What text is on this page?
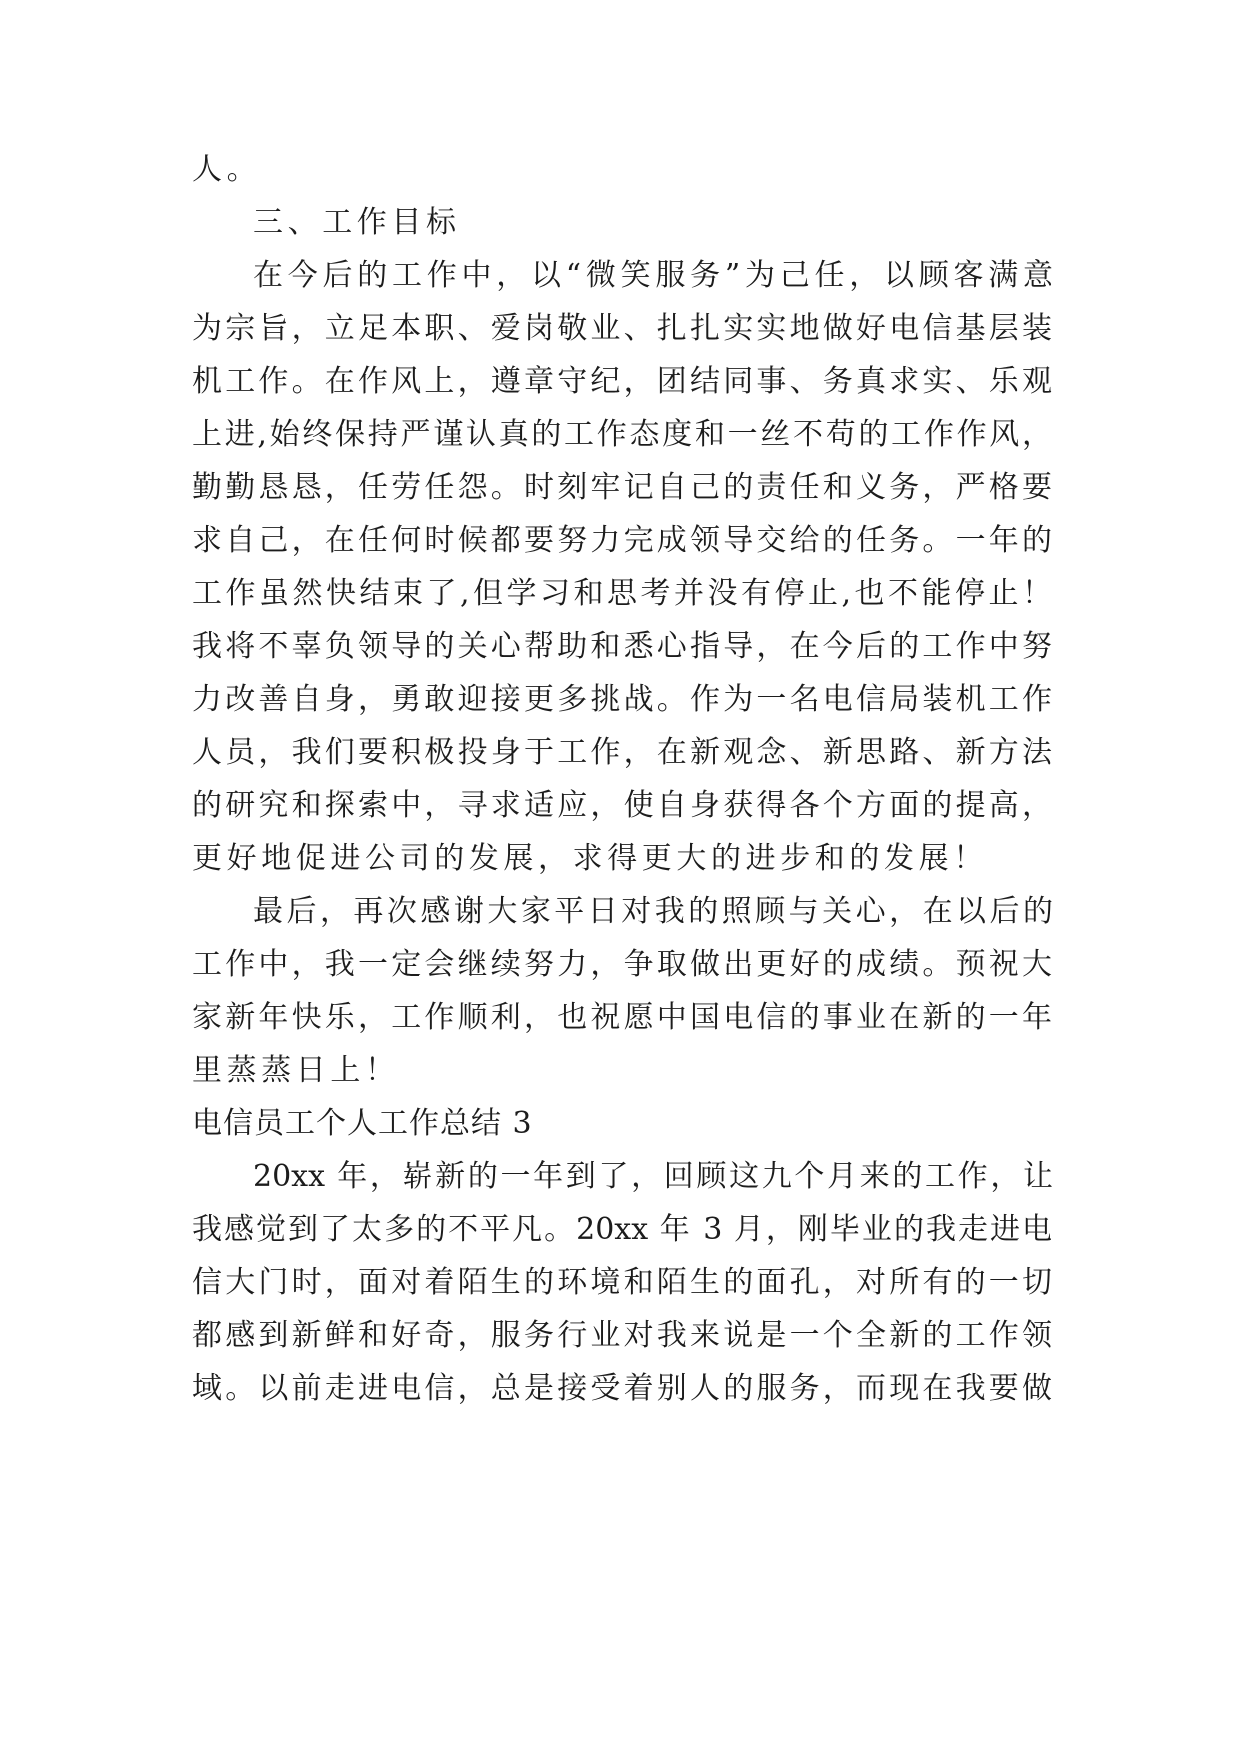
人。
三、工作目标
在今后的工作中，以“微笑服务”为己任，以顾客满意
为宗旨，立足本职、爱岗敬业、扎扎实实地做好电信基层装
机工作。在作风上，遵章守纪，团结同事、务真求实、乐观
上进,始终保持严谨认真的工作态度和一丝不苟的工作作风，
勤勤恳恳，任劳任怨。时刻牢记自己的责任和义务，严格要
求自己，在任何时候都要努力完成领导交给的任务。一年的
工作虽然快结束了,但学习和思考并没有停止,也不能停止！
我将不辜负领导的关心帮助和悉心指导，在今后的工作中努
力改善自身，勇敢迎接更多挑战。作为一名电信局装机工作
人员，我们要积极投身于工作，在新观念、新思路、新方法
的研究和探索中，寻求适应，使自身获得各个方面的提高，
更好地促进公司的发展，求得更大的进步和的发展！
最后，再次感谢大家平日对我的照顾与关心，在以后的
工作中，我一定会继续努力，争取做出更好的成绩。预祝大
家新年快乐，工作顺利，也祝愿中国电信的事业在新的一年
里蒸蒸日上！
电信员工个人工作总结 3
20xx 年，崭新的一年到了，回顾这九个月来的工作，让
我感觉到了太多的不平凡。20xx 年 3 月，刚毕业的我走进电
信大门时，面对着陌生的环境和陌生的面孔，对所有的一切
都感到新鲜和好奇，服务行业对我来说是一个全新的工作领
域。以前走进电信，总是接受着别人的服务，而现在我要做
